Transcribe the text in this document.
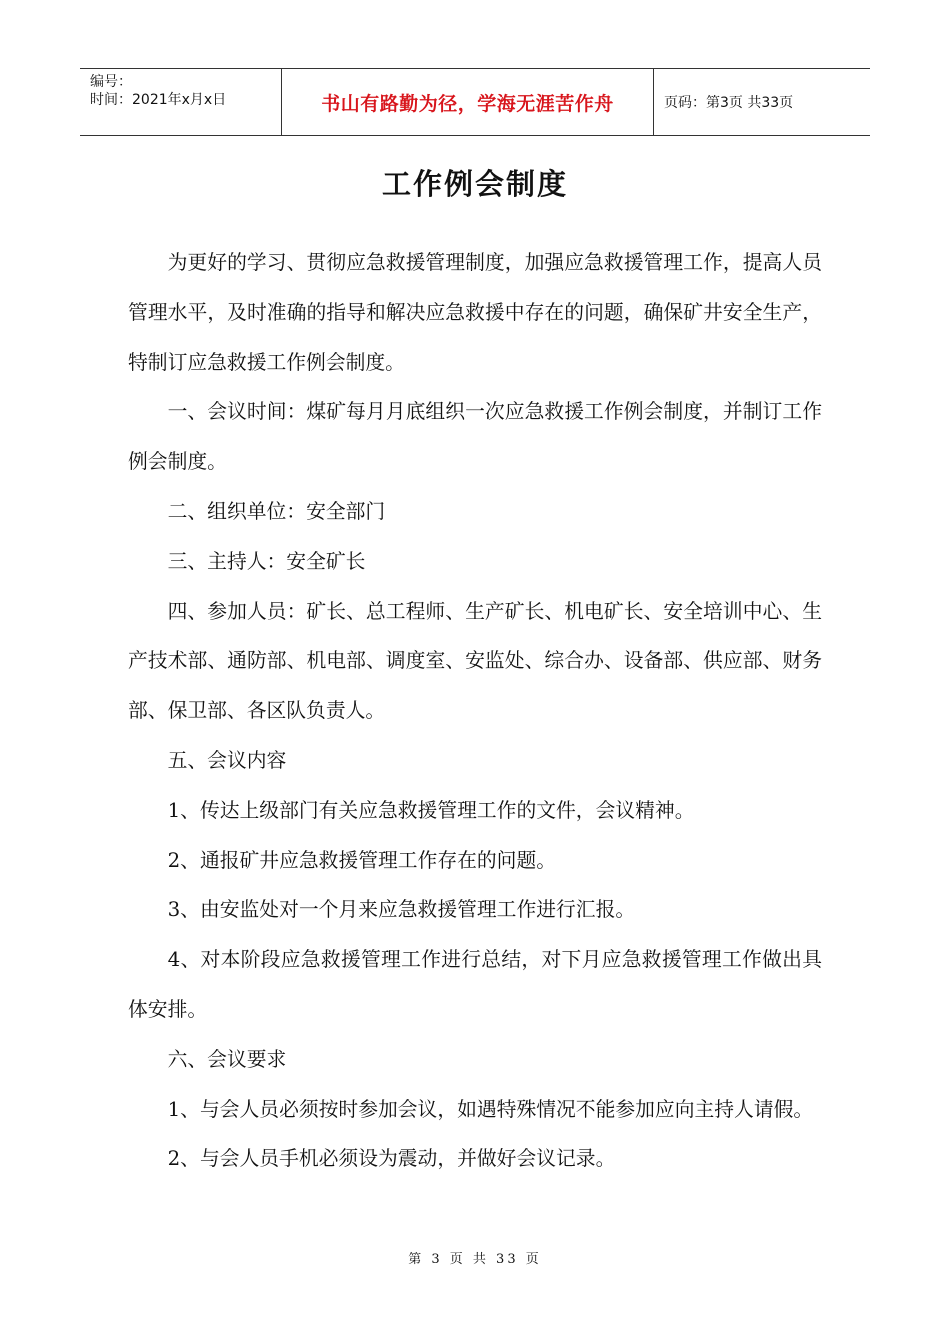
编号：
时间：2021年x月x日	书山有路勤为径，学海无涯苦作舟	页码：第3页 共33页
工作例会制度

为更好的学习、贯彻应急救援管理制度，加强应急救援管理工作，提高人员管理水平，及时准确的指导和解决应急救援中存在的问题，确保矿井安全生产，特制订应急救援工作例会制度。

一、会议时间：煤矿每月月底组织一次应急救援工作例会制度，并制订工作例会制度。

二、组织单位：安全部门

三、主持人：安全矿长

四、参加人员：矿长、总工程师、生产矿长、机电矿长、安全培训中心、生产技术部、通防部、机电部、调度室、安监处、综合办、设备部、供应部、财务部、保卫部、各区队负责人。

五、会议内容

1、传达上级部门有关应急救援管理工作的文件，会议精神。

2、通报矿井应急救援管理工作存在的问题。

3、由安监处对一个月来应急救援管理工作进行汇报。

4、对本阶段应急救援管理工作进行总结，对下月应急救援管理工作做出具体安排。

六、会议要求

1、与会人员必须按时参加会议，如遇特殊情况不能参加应向主持人请假。

2、与会人员手机必须设为震动，并做好会议记录。

第 3 页 共 33 页
